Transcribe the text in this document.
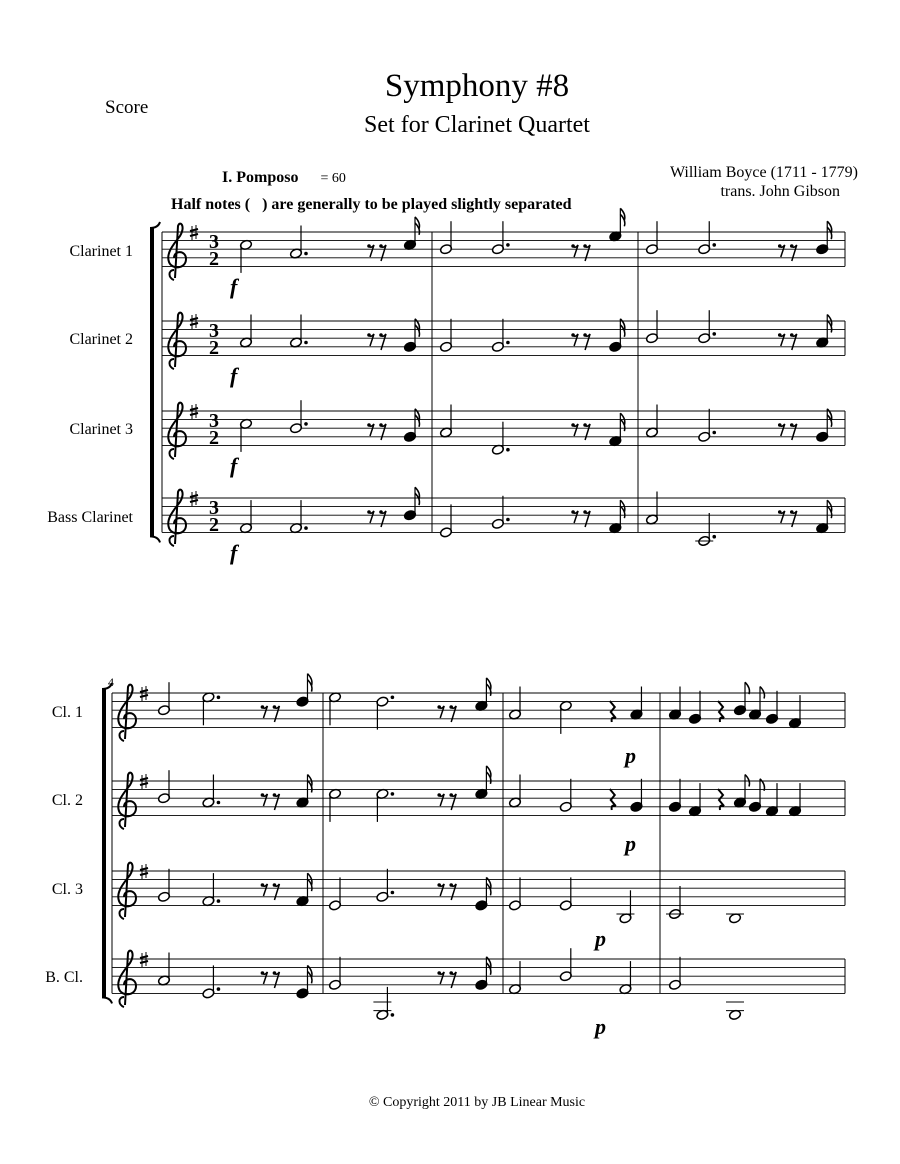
Score
Symphony #8
Set for Clarinet Quartet
William Boyce (1711 - 1779)
trans. John Gibson
I. Pomposo = 60
Half notes (   ) are generally to be played slightly separated
Clarinet 1
Clarinet 2
Clarinet 3
Bass Clarinet
Cl. 1
Cl. 2
Cl. 3
B. Cl.
© Copyright 2011 by JB Linear Music
4
f
f
f
f
p
p
p
p
3
2
3
2
3
2
3
2
